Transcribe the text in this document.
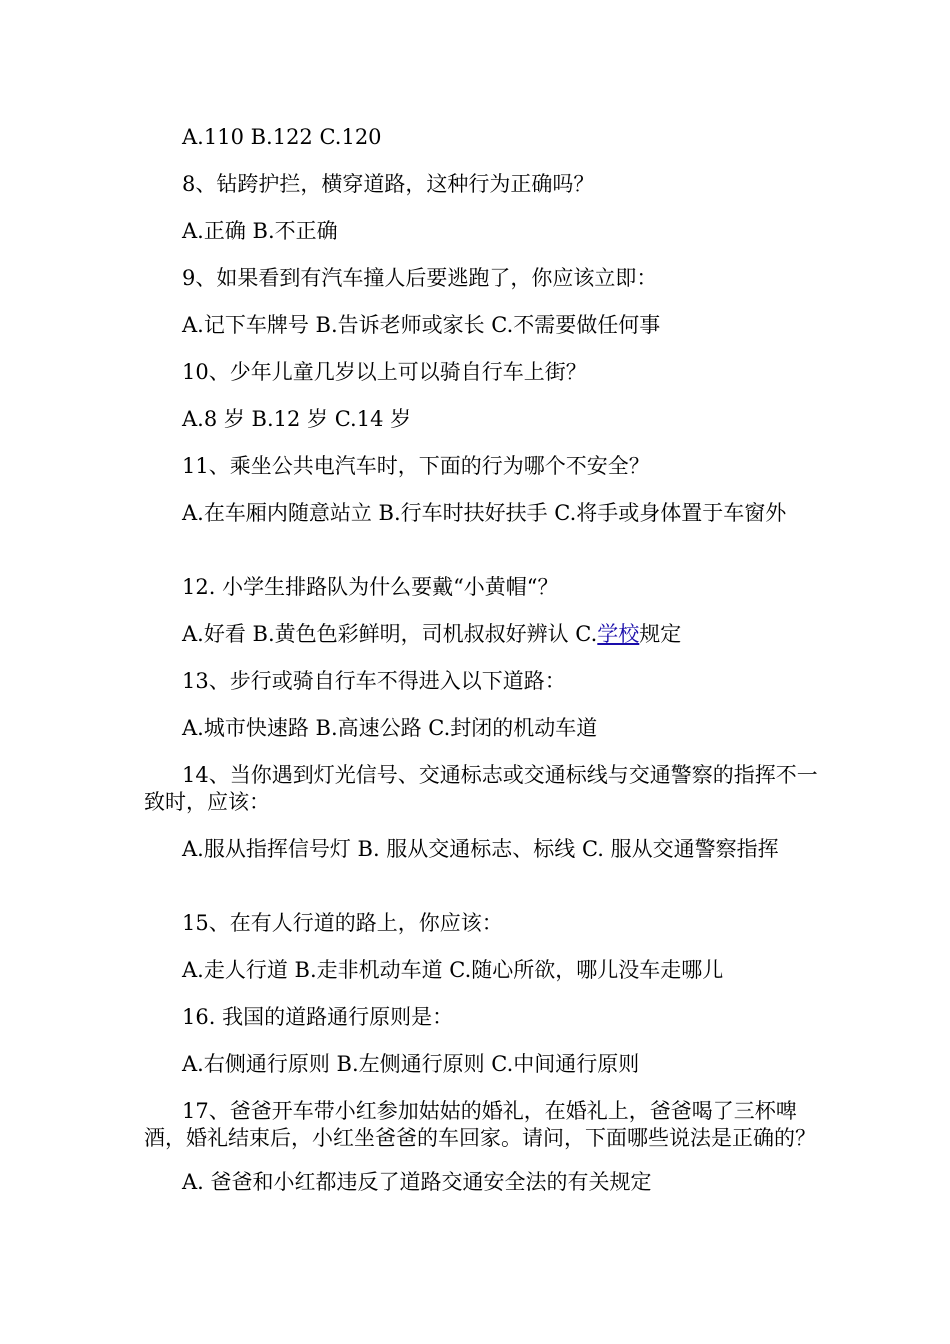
A.110 B.122 C.120

8、钻跨护拦，横穿道路，这种行为正确吗？

A.正确 B.不正确

9、如果看到有汽车撞人后要逃跑了，你应该立即：

A.记下车牌号 B.告诉老师或家长 C.不需要做任何事

10、少年儿童几岁以上可以骑自行车上街？

A.8 岁 B.12 岁 C.14 岁

11、乘坐公共电汽车时，下面的行为哪个不安全？

A.在车厢内随意站立 B.行车时扶好扶手 C.将手或身体置于车窗外

12. 小学生排路队为什么要戴“小黄帽“？

A.好看 B.黄色色彩鲜明，司机叔叔好辨认 C.学校规定

13、步行或骑自行车不得进入以下道路：

A.城市快速路 B.高速公路 C.封闭的机动车道

14、当你遇到灯光信号、交通标志或交通标线与交通警察的指挥不一致时，应该：

A.服从指挥信号灯 B. 服从交通标志、标线 C. 服从交通警察指挥

15、在有人行道的路上，你应该：

A.走人行道 B.走非机动车道 C.随心所欲，哪儿没车走哪儿

16. 我国的道路通行原则是：

A.右侧通行原则 B.左侧通行原则 C.中间通行原则

17、爸爸开车带小红参加姑姑的婚礼，在婚礼上，爸爸喝了三杯啤酒，婚礼结束后，小红坐爸爸的车回家。请问，下面哪些说法是正确的？

A. 爸爸和小红都违反了道路交通安全法的有关规定
